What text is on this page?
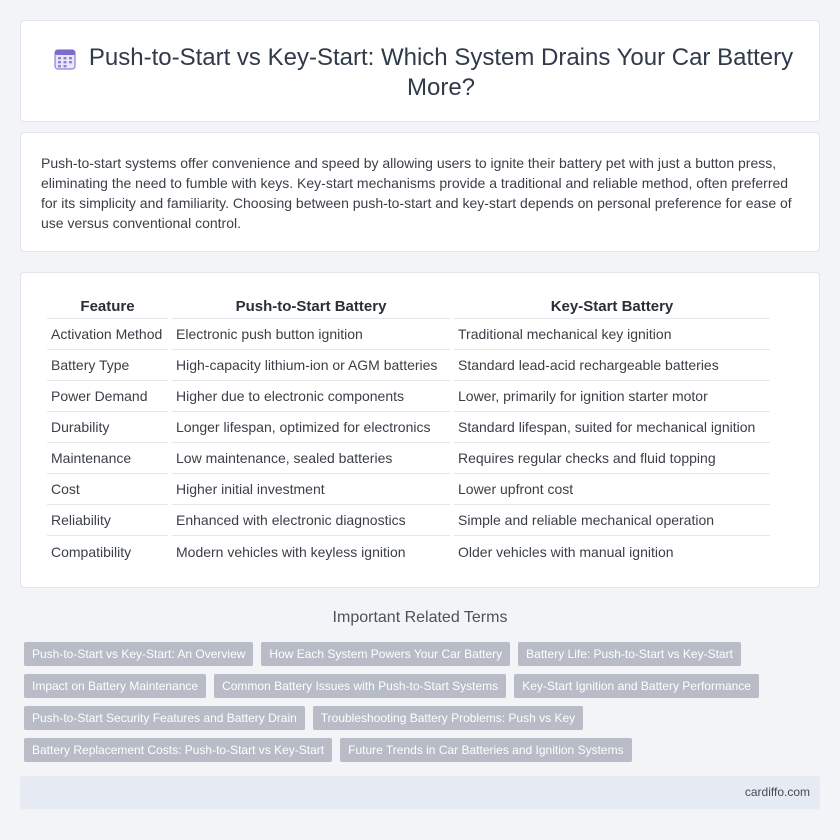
Push-to-Start vs Key-Start: Which System Drains Your Car Battery More?

Push-to-start systems offer convenience and speed by allowing users to ignite their battery pet with just a button press, eliminating the need to fumble with keys. Key-start mechanisms provide a traditional and reliable method, often preferred for its simplicity and familiarity. Choosing between push-to-start and key-start depends on personal preference for ease of use versus conventional control.

Feature	Push-to-Start Battery	Key-Start Battery
Activation Method	Electronic push button ignition	Traditional mechanical key ignition
Battery Type	High-capacity lithium-ion or AGM batteries	Standard lead-acid rechargeable batteries
Power Demand	Higher due to electronic components	Lower, primarily for ignition starter motor
Durability	Longer lifespan, optimized for electronics	Standard lifespan, suited for mechanical ignition
Maintenance	Low maintenance, sealed batteries	Requires regular checks and fluid topping
Cost	Higher initial investment	Lower upfront cost
Reliability	Enhanced with electronic diagnostics	Simple and reliable mechanical operation
Compatibility	Modern vehicles with keyless ignition	Older vehicles with manual ignition
Important Related Terms
Push-to-Start vs Key-Start: An Overview	How Each System Powers Your Car Battery	Battery Life: Push-to-Start vs Key-Start
Impact on Battery Maintenance	Common Battery Issues with Push-to-Start Systems	Key-Start Ignition and Battery Performance
Push-to-Start Security Features and Battery Drain	Troubleshooting Battery Problems: Push vs Key
Battery Replacement Costs: Push-to-Start vs Key-Start	Future Trends in Car Batteries and Ignition Systems
cardiffo.com
